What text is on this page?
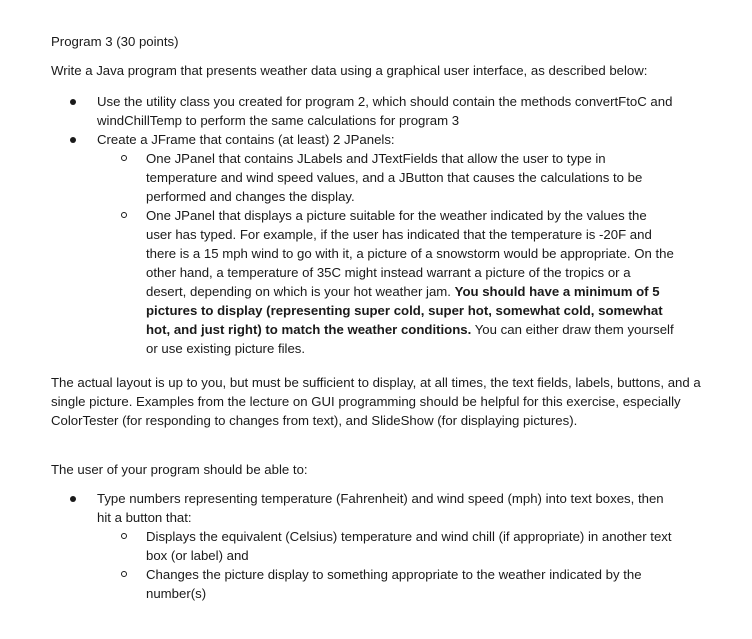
Program 3 (30 points)
Write a Java program that presents weather data using a graphical user interface, as described below:
Use the utility class you created for program 2, which should contain the methods convertFtoC and windChillTemp to perform the same calculations for program 3
Create a JFrame that contains (at least) 2 JPanels:
One JPanel that contains JLabels and JTextFields that allow the user to type in temperature and wind speed values, and a JButton that causes the calculations to be performed and changes the display.
One JPanel that displays a picture suitable for the weather indicated by the values the user has typed. For example, if the user has indicated that the temperature is -20F and there is a 15 mph wind to go with it, a picture of a snowstorm would be appropriate. On the other hand, a temperature of 35C might instead warrant a picture of the tropics or a desert, depending on which is your hot weather jam. You should have a minimum of 5 pictures to display (representing super cold, super hot, somewhat cold, somewhat hot, and just right) to match the weather conditions. You can either draw them yourself or use existing picture files.
The actual layout is up to you, but must be sufficient to display, at all times, the text fields, labels, buttons, and a single picture. Examples from the lecture on GUI programming should be helpful for this exercise, especially ColorTester (for responding to changes from text), and SlideShow (for displaying pictures).
The user of your program should be able to:
Type numbers representing temperature (Fahrenheit) and wind speed (mph) into text boxes, then hit a button that:
Displays the equivalent (Celsius) temperature and wind chill (if appropriate) in another text box (or label) and
Changes the picture display to something appropriate to the weather indicated by the number(s)
